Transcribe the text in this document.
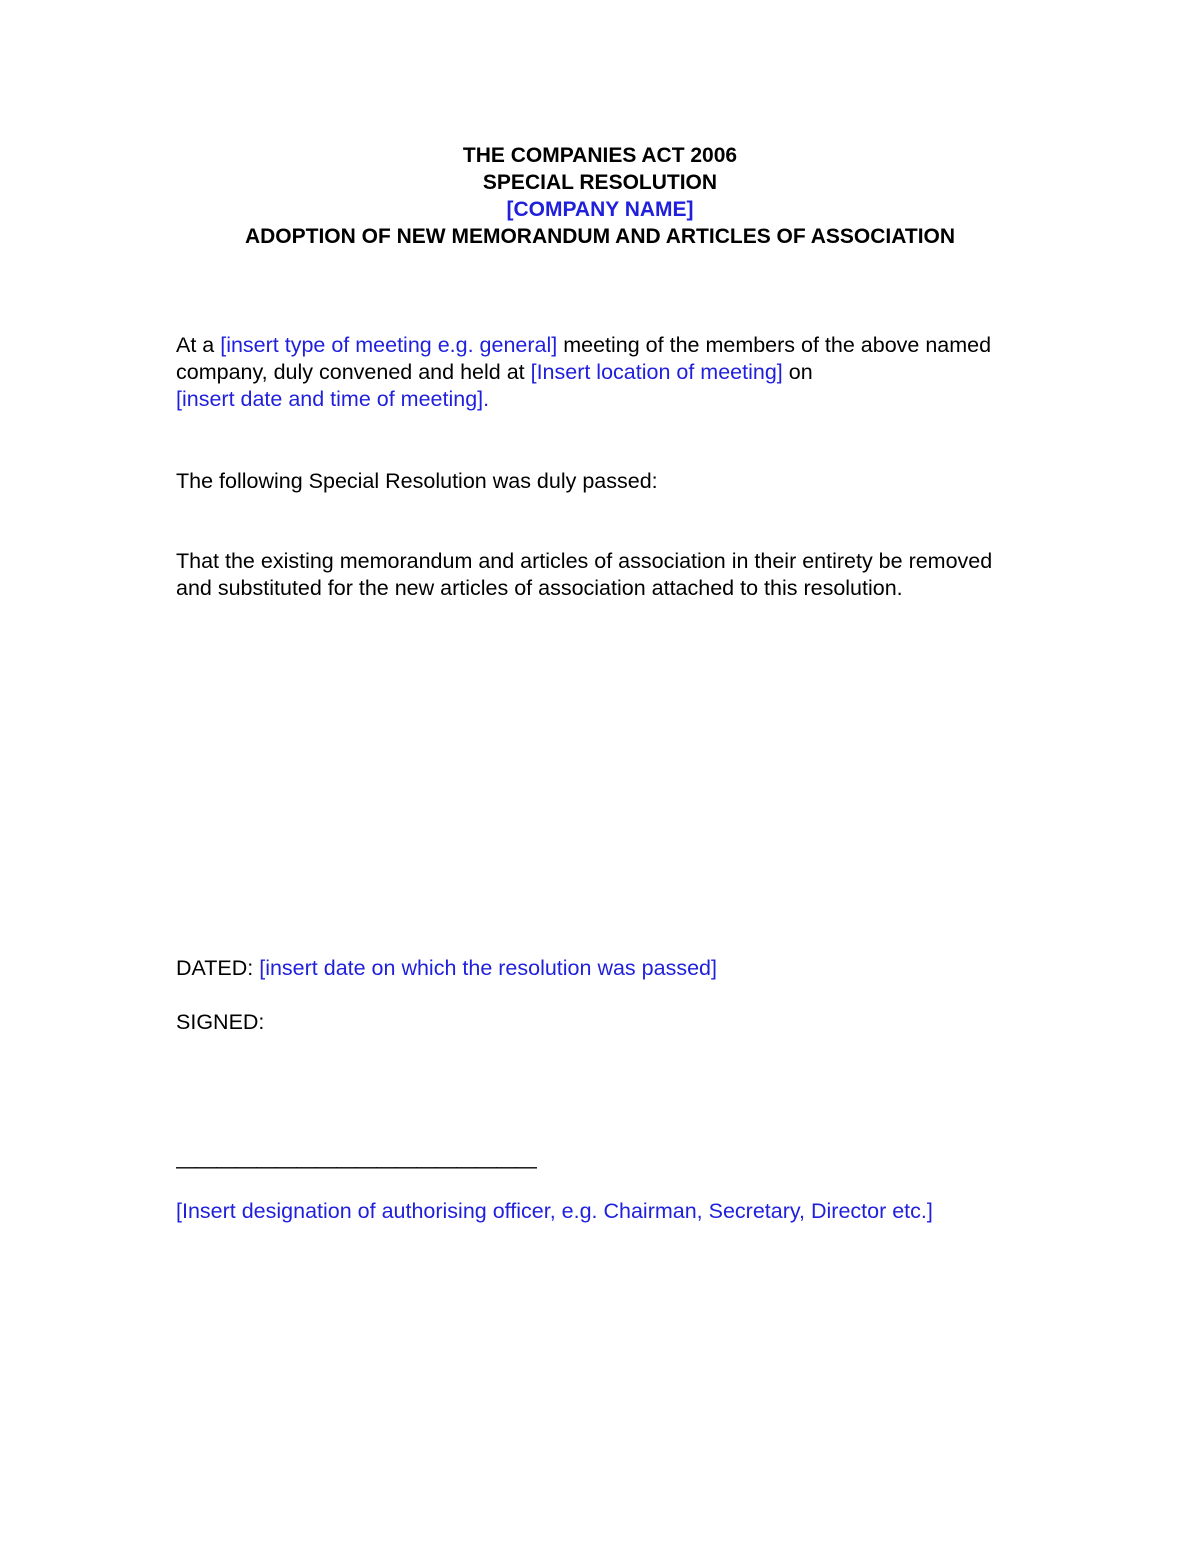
THE COMPANIES ACT 2006
SPECIAL RESOLUTION
[COMPANY NAME]
ADOPTION OF NEW MEMORANDUM AND ARTICLES OF ASSOCIATION

At a [insert type of meeting e.g. general] meeting of the members of the above named company, duly convened and held at [Insert location of meeting] on
[insert date and time of meeting].

The following Special Resolution was duly passed:

That the existing memorandum and articles of association in their entirety be removed and substituted for the new articles of association attached to this resolution.

DATED: [insert date on which the resolution was passed]

SIGNED:

——————————————————

[Insert designation of authorising officer, e.g. Chairman, Secretary, Director etc.]
